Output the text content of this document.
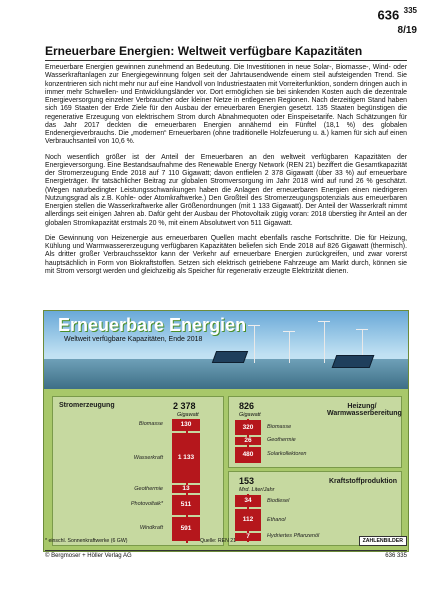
636 $^{335}$
8/19
Erneuerbare Energien: Weltweit verfügbare Kapazitäten

Erneuerbare Energien gewinnen zunehmend an Bedeutung. Die Investitionen in neue Solar-, Biomasse-, Wind- oder Wasserkraftanlagen zur Energiegewinnung folgen seit der Jahrtausendwende einem steil aufsteigenden Trend. Sie konzentrieren sich nicht mehr nur auf eine Handvoll von Industriestaaten mit Vorreiterfunktion, sondern dringen auch in immer mehr Schwellen- und Entwicklungsländer vor. Dort ermöglichen sie bei sinkenden Kosten auch die dezentrale Energieversorgung einzelner Verbraucher oder kleiner Netze in entlegenen Regionen. Nach derzeitigem Stand haben sich 169 Staaten der Erde Ziele für den Ausbau der erneuerbaren Energien gesetzt. 135 Staaten begünstigen die regenerative Erzeugung von elektrischem Strom durch Abnahmequoten oder Einspeisetarife. Nach Schätzungen für das Jahr 2017 deckten die erneuerbaren Energien annähernd ein Fünftel (18,1 %) des globalen Endenergieverbrauchs. Die „modernen“ Erneuerbaren (ohne traditionelle Holzfeuerung u. ä.) kamen für sich auf einen Verbrauchsanteil von 10,6 %.

Noch wesentlich größer ist der Anteil der Erneuerbaren an den weltweit verfügbaren Kapazitäten der Energieversorgung. Eine Bestandsaufnahme des Renewable Energy Network (REN 21) beziffert die Gesamtkapazität der Stromerzeugung Ende 2018 auf 7 110 Gigawatt; davon entfielen 2 378 Gigawatt (über 33 %) auf erneuerbare Energieträger. Ihr tatsächlicher Beitrag zur globalen Stromversorgung im Jahr 2018 wird auf rund 26 % geschätzt. (Wegen naturbedingter Leistungsschwankungen haben die Anlagen der erneuerbaren Energien einen niedrigeren Nutzungsgrad als z.B. Kohle- oder Atomkraftwerke.) Den Großteil des Stromerzeugungspotenzials aus erneuerbaren Energien stellen die Wasserkraftwerke aller Größenordnungen (mit 1 133 Gigawatt). Der Anteil der Wasserkraft nimmt allerdings seit einigen Jahren ab. Dafür geht der Ausbau der Photovoltaik zügig voran: 2018 überstieg ihr Anteil an der globalen Stromkapazität erstmals 20 %, mit einem Absolutwert von 511 Gigawatt.

Die Gewinnung von Heizenergie aus erneuerbaren Quellen macht ebenfalls rasche Fortschritte. Die für Heizung, Kühlung und Warmwassererzeugung verfügbaren Kapazitäten beliefen sich Ende 2018 auf 826 Gigawatt (thermisch). Als dritter großer Verbrauchssektor kann der Verkehr auf erneuerbare Energien zurückgreifen, und zwar vorerst hauptsächlich in Form von Biokraftstoffen. Setzen sich elektrisch getriebene Fahrzeuge am Markt durch, können sie mit Strom versorgt werden und gleichzeitig als Speicher für regenerativ erzeugte Elektrizität dienen.

Erneuerbare Energien
Weltweit verfügbare Kapazitäten, Ende 2018
Stromerzeugung	2 378
Gigawatt
Biomasse	130
Wasserkraft	1 133
Geothermie	13
Photovoltaik*	511
Windkraft	591
826
Gigawatt
Heizung/ Warmwasserbereitung
320	Biomasse
26	Geothermie
480	Solarkollektoren
153
Mrd. Liter/Jahr
Kraftstoffproduktion
34	Biodiesel
112	Ethanol
7	Hydriertes Pflanzenöl
* einschl. Sonnenkraftwerke (6 GW)	Quelle: REN 21	ZAHLENBILDER
© Bergmoser + Höller Verlag AG	636 335
